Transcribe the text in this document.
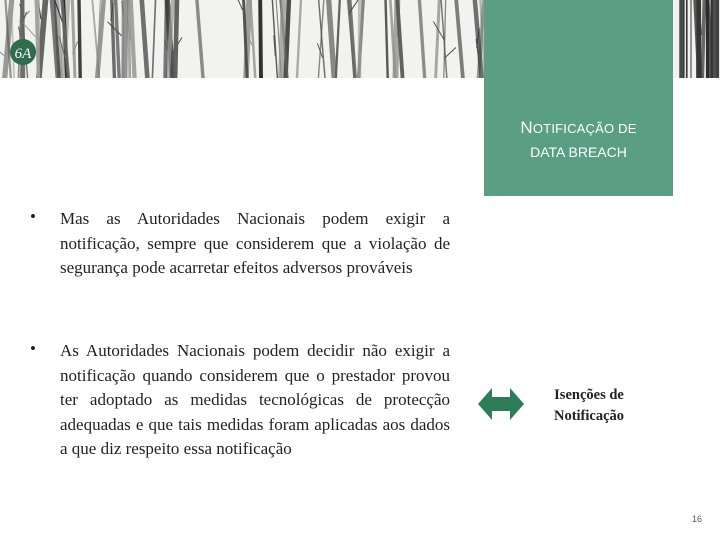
6A
NOTIFICAÇÃO DE
DATA BREACH
• Mas as Autoridades Nacionais podem exigir a notificação, sempre que considerem que a violação de segurança pode acarretar efeitos adversos prováveis
• As Autoridades Nacionais podem decidir não exigir a notificação quando considerem que o prestador provou ter adoptado as medidas tecnológicas de protecção adequadas e que tais medidas foram aplicadas aos dados a que diz respeito essa notificação
Isenções de
Notificação
16
